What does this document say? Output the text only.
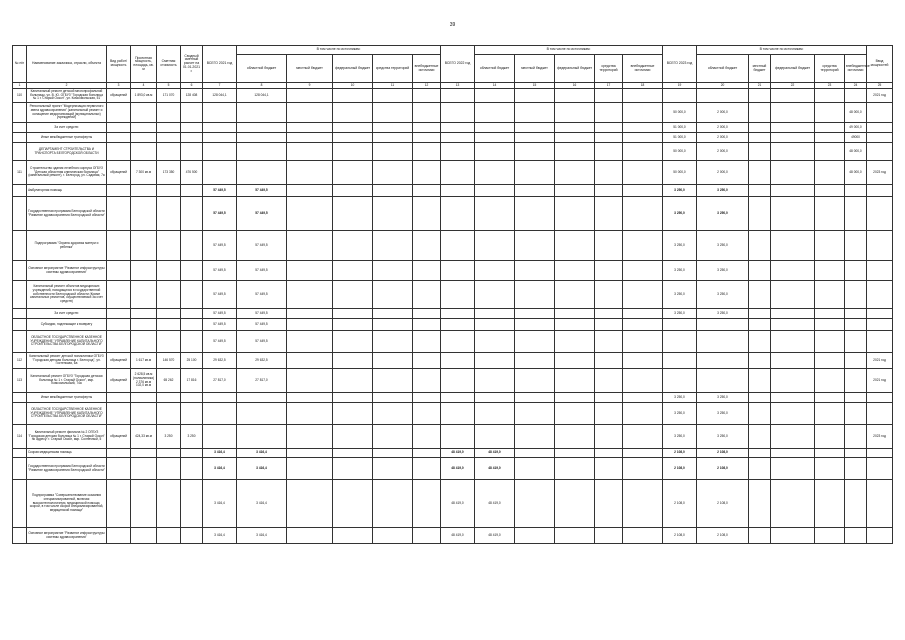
39
№ п/п	Наименование заказчика, отрасли, объекта	Вид работ/мощность	Проектная мощность, площадь, кв. м	Сметная стоимость	Сводный сметный расчет на 01.01.2021 г.	ВСЕГО 2021 год	В том числе по источникам:					ВСЕГО 2022 год	В том числе по источникам:					ВСЕГО 2023 год	В том числе по источникам:					Ввод мощностей
							областной бюджет	местный бюджет	федеральный бюджет	средства территорий	внебюджетные источники		областной бюджет	местный бюджет	федеральный бюджет	средства территорий	внебюджетные источники		областной бюджет	местный бюджет	федеральный бюджет	средства территорий	внебюджетные источники	
1	2	3	4	5	6	7	8	9	10	11	12	13	14	15	16	17	18	19	20	21	22	23	24	25
110	Капитальный ремонт детской многопрофильной больницы, ул. В. Ю. ОГБУЗ "Городская больница № 1 г. Старый Оскол", ул. Комсомольская, 51	обращений	1 893,0 кв.м	171 070	128 408	128 044,1	128 044,1																	2021 год
	Региональный проект "Модернизация первичного звена здравоохранения" (капитальный ремонт и оснащение медорганизаций (муниципальных) учреждений)																	50 000,0	2 000,0				48 000,0	
	За счет средств:																	51 000,0	2 000,0				49 000,0	
	Иные межбюджетные трансферты																	51 000,0	2 000,0				49000	
	ДЕПАРТАМЕНТ СТРОИТЕЛЬСТВА И ТРАНСПОРТА БЕЛГОРОДСКОЙ ОБЛАСТИ																	50 000,0	2 000,0				48 000,0	
111	Строительство здания лечебного корпуса ОГБУЗ "Детская областная клиническая больница" (капитальный ремонт), г. Белгород, ул. Садовая, 7а	обращений	7 300 кв.м	173 350	476 500													50 000,0	2 000,0				48 000,0	2023 год
	Амбулаторная помощь					57 449,5	57 449,5											3 250,0	3 250,0					
	Государственная программа Белгородской области "Развитие здравоохранения Белгородской области"					57 449,5	57 449,5											3 250,0	3 250,0					
	Подпрограмма "Охрана здоровья матери и ребенка"					57 449,5	57 449,5											3 250,0	3 250,0					
	Основное мероприятие "Развитие инфраструктуры системы здравоохранения"					57 449,5	57 449,5											3 250,0	3 250,0					
	Капитальный ремонт объектов медицинских учреждений, находящихся в государственной собственности Белгородской области (Кроме капитальных ремонтов, осуществляемых за счет средств)					57 449,5	57 449,5											3 250,0	3 250,0					
	За счет средств:					57 449,5	57 449,5											3 250,0	3 250,0					
	Субсидии, подлежащие к возврату					57 449,5	57 449,5																	
	ОБЛАСТНОЕ ГОСУДАРСТВЕННОЕ КАЗЕННОЕ УЧРЕЖДЕНИЕ "УПРАВЛЕНИЕ КАПИТАЛЬНОГО СТРОИТЕЛЬСТВА БЕЛГОРОДСКОЙ ОБЛАСТИ"					57 449,5	57 449,5																	
112	Капитальный ремонт детской поликлиники ОГБУЗ "Городская детская больница г. Белгород", ул. Гостенская, 6а	обращений	1 617 кв.м	146 570	25 100	29 632,5	29 632,5																	2021 год
113	Капитальный ремонт ОГБУЗ "Городская детская больница № 1 г. Старый Оскол", мкр. Комсомольский, 74а	обращений	2 628,5 кв.м (поликлиника) 2 376 кв.м 102,0 кв.м	65 262	17 816	27 817,0	27 817,0																	2021 год
	Иные межбюджетные трансферты																	3 250,0	3 250,0					
	ОБЛАСТНОЕ ГОСУДАРСТВЕННОЕ КАЗЕННОЕ УЧРЕЖДЕНИЕ "УПРАВЛЕНИЕ КАПИТАЛЬНОГО СТРОИТЕЛЬСТВА БЕЛГОРОДСКОЙ ОБЛАСТИ"																	3 250,0	3 250,0					
114	Капитальный ремонт филиала № 2 ОГБУЗ "Городская детская больница № 1 г. Старый Оскол" по адресу: г. Старый Оскол, мкр. Солнечный, 5	обращений	424,33 кв.м	3 250	3 250													3 250,0	3 250,0					2023 год
	Скорая медицинская помощь					3 416,4	3 416,4					48 419,0	48 419,0					2 108,0	2 108,0					
	Государственная программа Белгородской области "Развитие здравоохранения Белгородской области"					3 416,4	3 416,4					48 419,0	48 419,0					2 108,0	2 108,0					
	Подпрограмма "Совершенствование оказания специализированной, включая высокотехнологичную, медицинской помощи, скорой, в том числе скорой специализированной, медицинской помощи"					3 416,4	3 416,4					48 419,0	48 419,0					2 108,0	2 108,0					
	Основное мероприятие "Развитие инфраструктуры системы здравоохранения"					3 416,4	3 416,4					48 419,0	48 419,0					2 108,0	2 108,0					
